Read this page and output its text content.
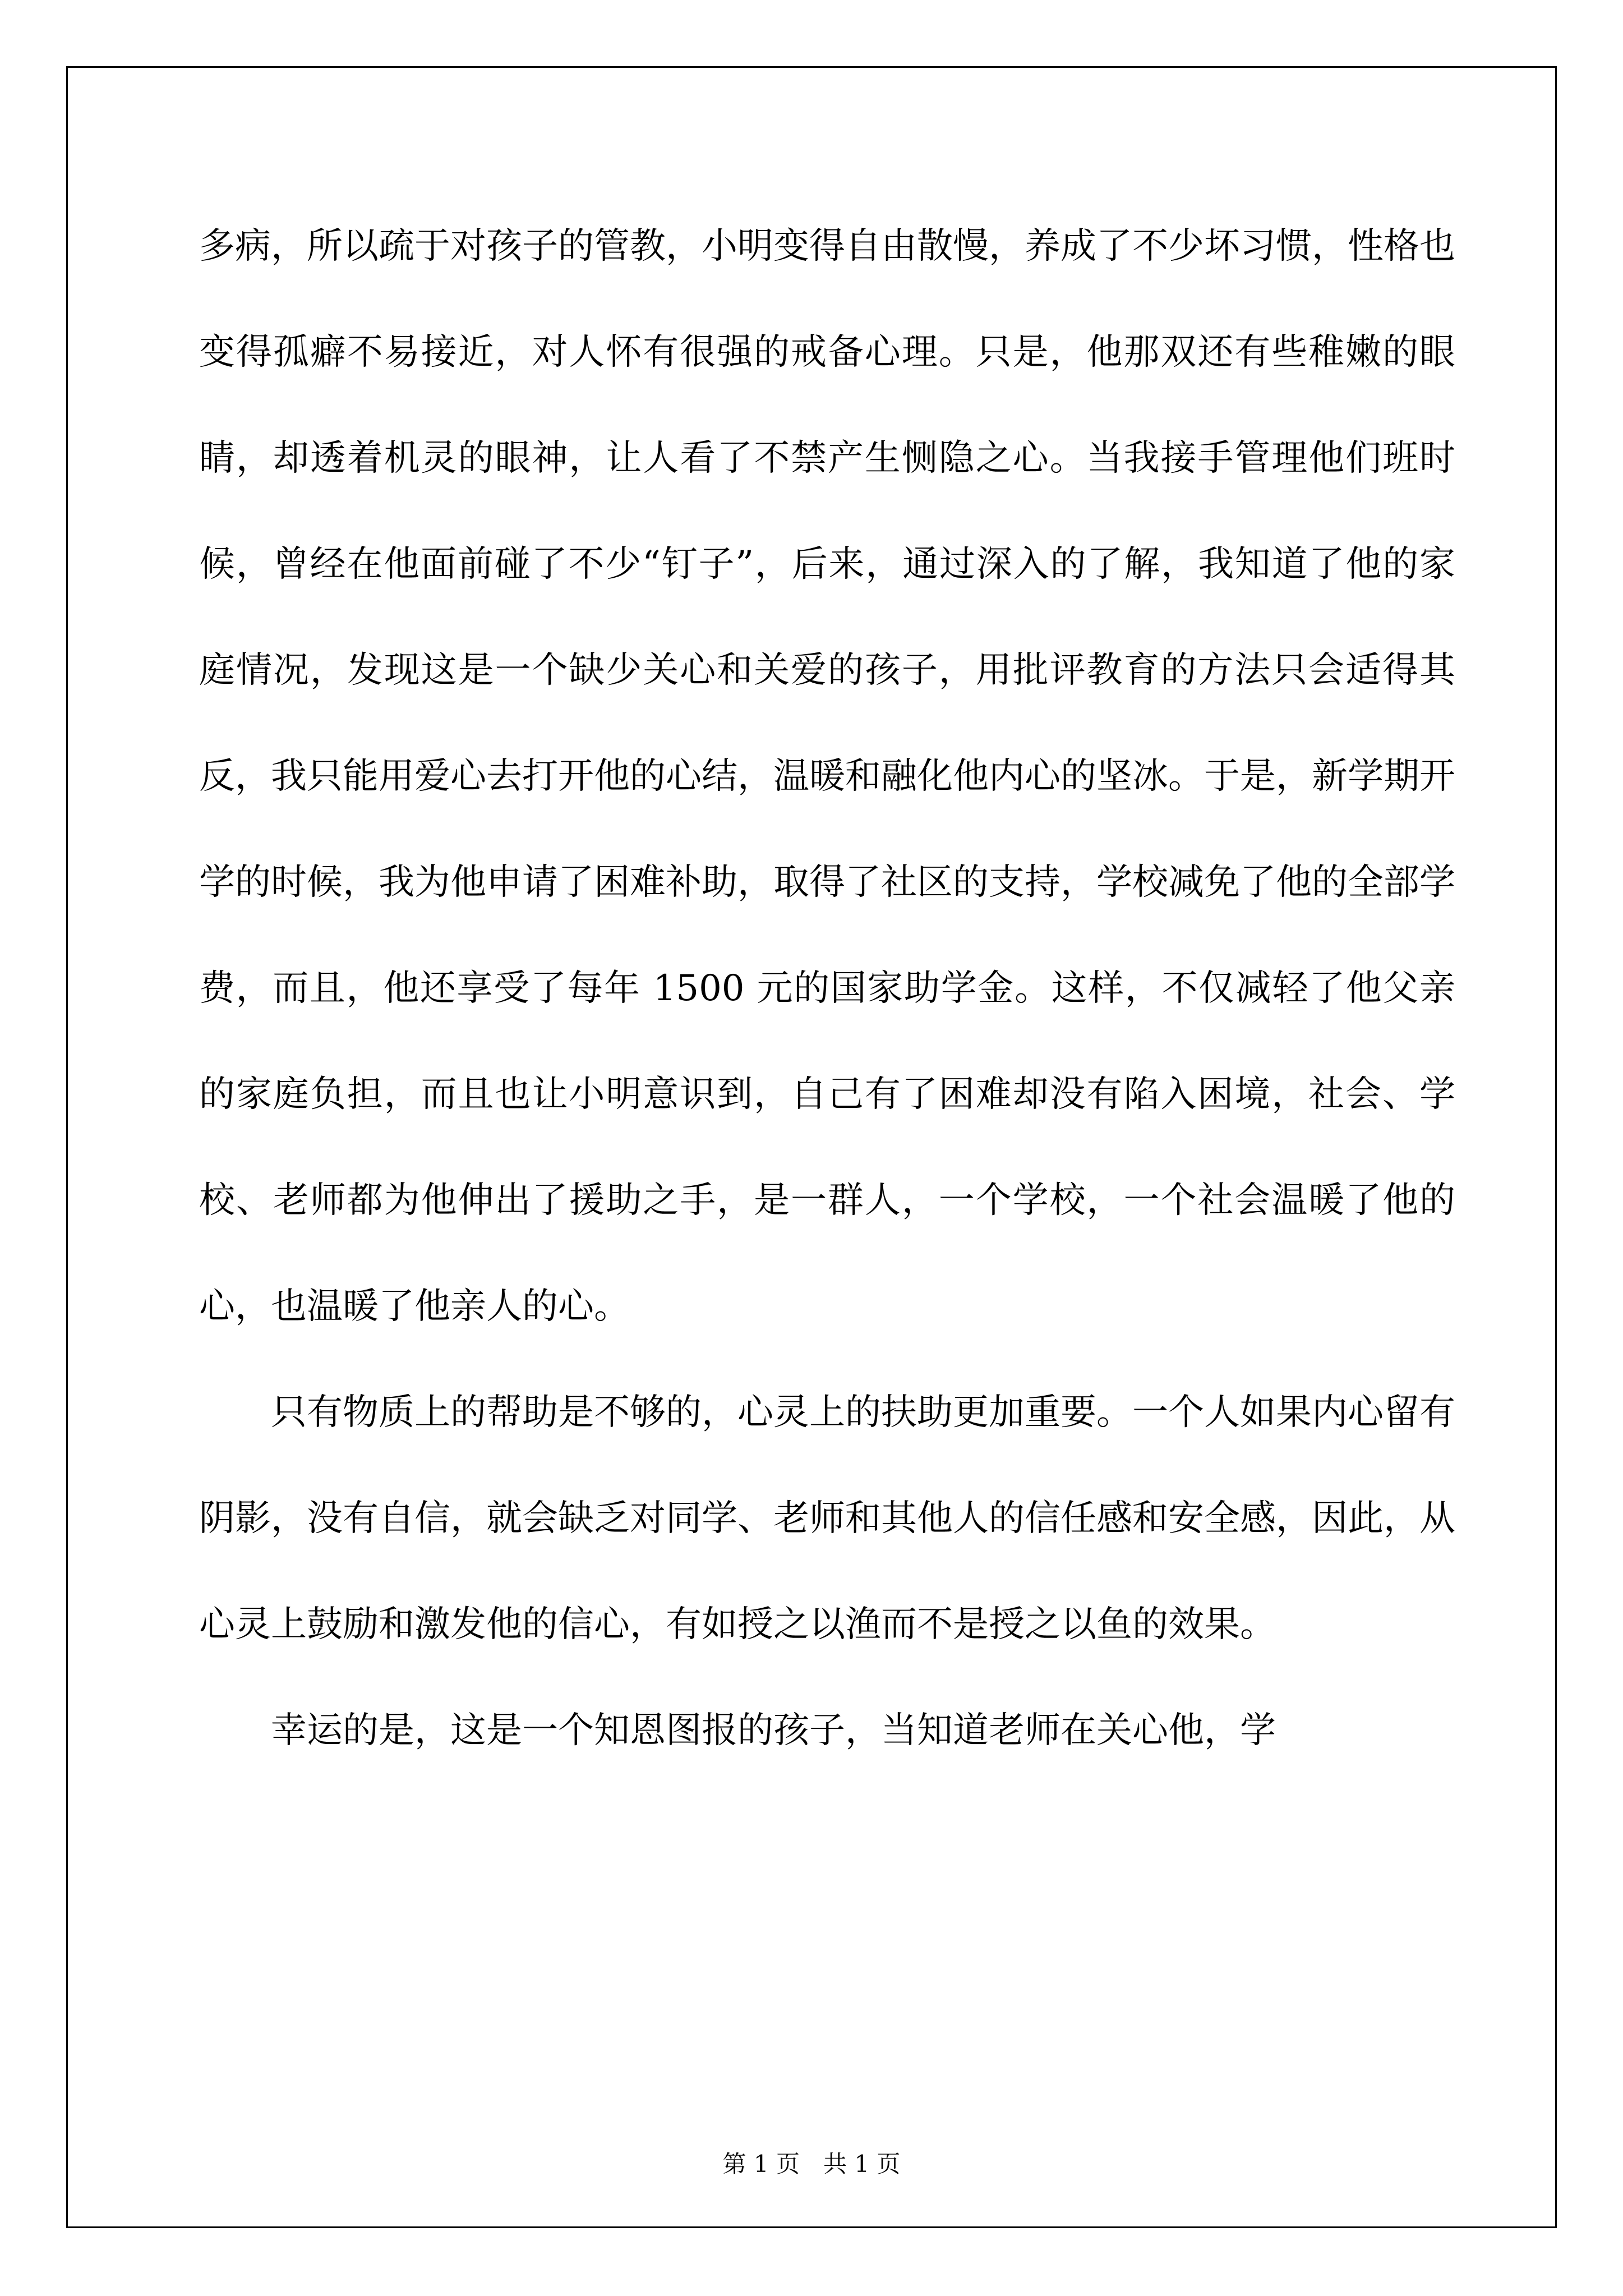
多病，所以疏于对孩子的管教，小明变得自由散慢，养成了不少坏习惯，性格也变得孤癖不易接近，对人怀有很强的戒备心理。只是，他那双还有些稚嫩的眼睛，却透着机灵的眼神，让人看了不禁产生恻隐之心。当我接手管理他们班时候，曾经在他面前碰了不少“钉子”，后来，通过深入的了解，我知道了他的家庭情况，发现这是一个缺少关心和关爱的孩子，用批评教育的方法只会适得其反，我只能用爱心去打开他的心结，温暖和融化他内心的坚冰。于是，新学期开学的时候，我为他申请了困难补助，取得了社区的支持，学校减免了他的全部学费，而且，他还享受了每年 1500 元的国家助学金。这样，不仅减轻了他父亲的家庭负担，而且也让小明意识到，自己有了困难却没有陷入困境，社会、学校、老师都为他伸出了援助之手，是一群人，一个学校，一个社会温暖了他的心，也温暖了他亲人的心。

只有物质上的帮助是不够的，心灵上的扶助更加重要。一个人如果内心留有阴影，没有自信，就会缺乏对同学、老师和其他人的信任感和安全感，因此，从心灵上鼓励和激发他的信心，有如授之以渔而不是授之以鱼的效果。

幸运的是，这是一个知恩图报的孩子，当知道老师在关心他，学

第 1 页　共 1 页
